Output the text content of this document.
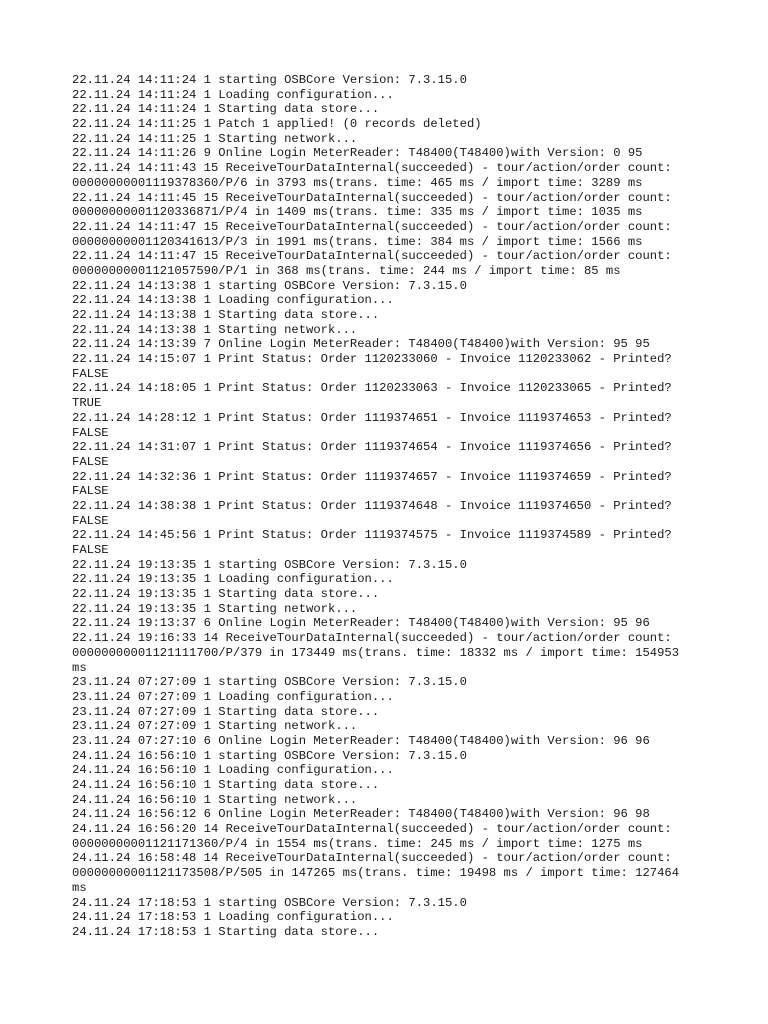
22.11.24 14:11:24 1 starting OSBCore Version: 7.3.15.0
22.11.24 14:11:24 1 Loading configuration...
22.11.24 14:11:24 1 Starting data store...
22.11.24 14:11:25 1 Patch 1 applied! (0 records deleted)
22.11.24 14:11:25 1 Starting network...
22.11.24 14:11:26 9 Online Login MeterReader: T48400(T48400)with Version: 0 95
22.11.24 14:11:43 15 ReceiveTourDataInternal(succeeded) - tour/action/order count:
00000000001119378360/P/6 in 3793 ms(trans. time: 465 ms / import time: 3289 ms
22.11.24 14:11:45 15 ReceiveTourDataInternal(succeeded) - tour/action/order count:
00000000001120336871/P/4 in 1409 ms(trans. time: 335 ms / import time: 1035 ms
22.11.24 14:11:47 15 ReceiveTourDataInternal(succeeded) - tour/action/order count:
00000000001120341613/P/3 in 1991 ms(trans. time: 384 ms / import time: 1566 ms
22.11.24 14:11:47 15 ReceiveTourDataInternal(succeeded) - tour/action/order count:
00000000001121057590/P/1 in 368 ms(trans. time: 244 ms / import time: 85 ms
22.11.24 14:13:38 1 starting OSBCore Version: 7.3.15.0
22.11.24 14:13:38 1 Loading configuration...
22.11.24 14:13:38 1 Starting data store...
22.11.24 14:13:38 1 Starting network...
22.11.24 14:13:39 7 Online Login MeterReader: T48400(T48400)with Version: 95 95
22.11.24 14:15:07 1 Print Status: Order 1120233060 - Invoice 1120233062 - Printed?
FALSE
22.11.24 14:18:05 1 Print Status: Order 1120233063 - Invoice 1120233065 - Printed?
TRUE
22.11.24 14:28:12 1 Print Status: Order 1119374651 - Invoice 1119374653 - Printed?
FALSE
22.11.24 14:31:07 1 Print Status: Order 1119374654 - Invoice 1119374656 - Printed?
FALSE
22.11.24 14:32:36 1 Print Status: Order 1119374657 - Invoice 1119374659 - Printed?
FALSE
22.11.24 14:38:38 1 Print Status: Order 1119374648 - Invoice 1119374650 - Printed?
FALSE
22.11.24 14:45:56 1 Print Status: Order 1119374575 - Invoice 1119374589 - Printed?
FALSE
22.11.24 19:13:35 1 starting OSBCore Version: 7.3.15.0
22.11.24 19:13:35 1 Loading configuration...
22.11.24 19:13:35 1 Starting data store...
22.11.24 19:13:35 1 Starting network...
22.11.24 19:13:37 6 Online Login MeterReader: T48400(T48400)with Version: 95 96
22.11.24 19:16:33 14 ReceiveTourDataInternal(succeeded) - tour/action/order count:
00000000001121111700/P/379 in 173449 ms(trans. time: 18332 ms / import time: 154953
ms
23.11.24 07:27:09 1 starting OSBCore Version: 7.3.15.0
23.11.24 07:27:09 1 Loading configuration...
23.11.24 07:27:09 1 Starting data store...
23.11.24 07:27:09 1 Starting network...
23.11.24 07:27:10 6 Online Login MeterReader: T48400(T48400)with Version: 96 96
24.11.24 16:56:10 1 starting OSBCore Version: 7.3.15.0
24.11.24 16:56:10 1 Loading configuration...
24.11.24 16:56:10 1 Starting data store...
24.11.24 16:56:10 1 Starting network...
24.11.24 16:56:12 6 Online Login MeterReader: T48400(T48400)with Version: 96 98
24.11.24 16:56:20 14 ReceiveTourDataInternal(succeeded) - tour/action/order count:
00000000001121171360/P/4 in 1554 ms(trans. time: 245 ms / import time: 1275 ms
24.11.24 16:58:48 14 ReceiveTourDataInternal(succeeded) - tour/action/order count:
00000000001121173508/P/505 in 147265 ms(trans. time: 19498 ms / import time: 127464
ms
24.11.24 17:18:53 1 starting OSBCore Version: 7.3.15.0
24.11.24 17:18:53 1 Loading configuration...
24.11.24 17:18:53 1 Starting data store...
